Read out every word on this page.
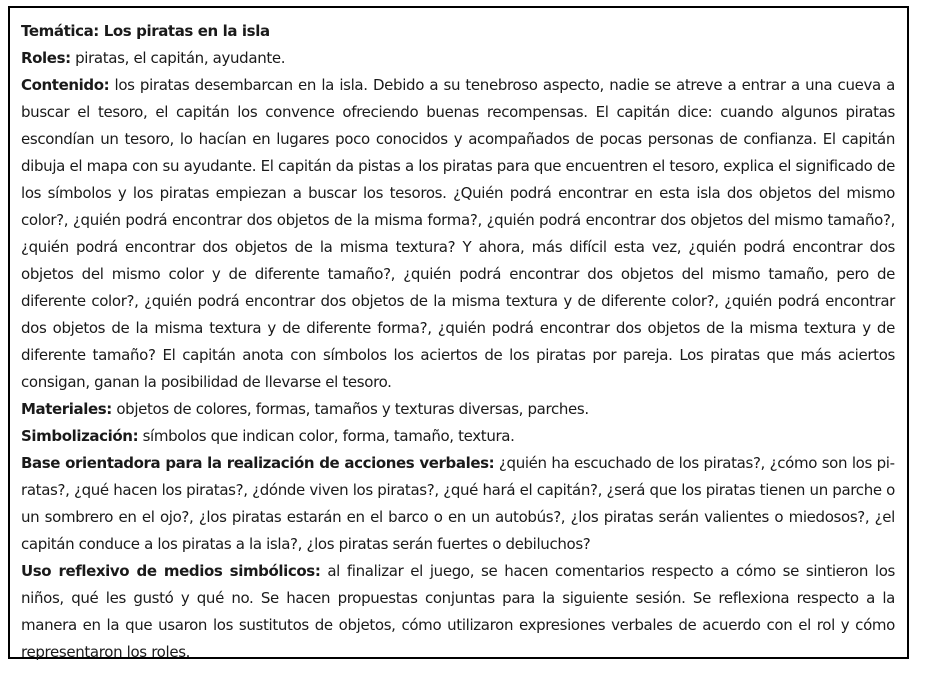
Temática: Los piratas en la isla

Roles: piratas, el capitán, ayudante.

Contenido: los piratas desembarcan en la isla. Debido a su tenebroso aspecto, nadie se atreve a entrar a una cueva a buscar el tesoro, el capitán los convence ofreciendo buenas recompensas. El capitán dice: cuando algunos piratas escondían un tesoro, lo hacían en lugares poco conocidos y acompañados de pocas personas de confianza. El capitán dibuja el mapa con su ayudante. El capitán da pistas a los piratas para que encuentren el tesoro, explica el significado de los símbolos y los piratas empiezan a buscar los tesoros. ¿Quién podrá encontrar en esta isla dos objetos del mismo color?, ¿quién podrá encontrar dos objetos de la misma forma?, ¿quién podrá encontrar dos objetos del mismo tamaño?, ¿quién podrá encontrar dos objetos de la misma textura? Y ahora, más difícil esta vez, ¿quién podrá encontrar dos objetos del mismo color y de diferente tamaño?, ¿quién podrá encontrar dos objetos del mismo tamaño, pero de diferente color?, ¿quién podrá encontrar dos objetos de la misma textura y de diferente color?, ¿quién podrá encontrar dos objetos de la misma textura y de diferente forma?, ¿quién podrá encontrar dos objetos de la misma textura y de diferente tamaño? El capitán anota con símbolos los aciertos de los piratas por pareja. Los piratas que más aciertos consigan, ganan la posibilidad de llevarse el tesoro.

Materiales: objetos de colores, formas, tamaños y texturas diversas, parches.

Simbolización: símbolos que indican color, forma, tamaño, textura.

Base orientadora para la realización de acciones verbales: ¿quién ha escuchado de los piratas?, ¿cómo son los piratas?, ¿qué hacen los piratas?, ¿dónde viven los piratas?, ¿qué hará el capitán?, ¿será que los piratas tienen un parche o un sombrero en el ojo?, ¿los piratas estarán en el barco o en un autobús?, ¿los piratas serán valientes o miedosos?, ¿el capitán conduce a los piratas a la isla?, ¿los piratas serán fuertes o debiluchos?

Uso reflexivo de medios simbólicos: al finalizar el juego, se hacen comentarios respecto a cómo se sintieron los niños, qué les gustó y qué no. Se hacen propuestas conjuntas para la siguiente sesión. Se reflexiona respecto a la manera en la que usaron los sustitutos de objetos, cómo utilizaron expresiones verbales de acuerdo con el rol y cómo representaron los roles.
